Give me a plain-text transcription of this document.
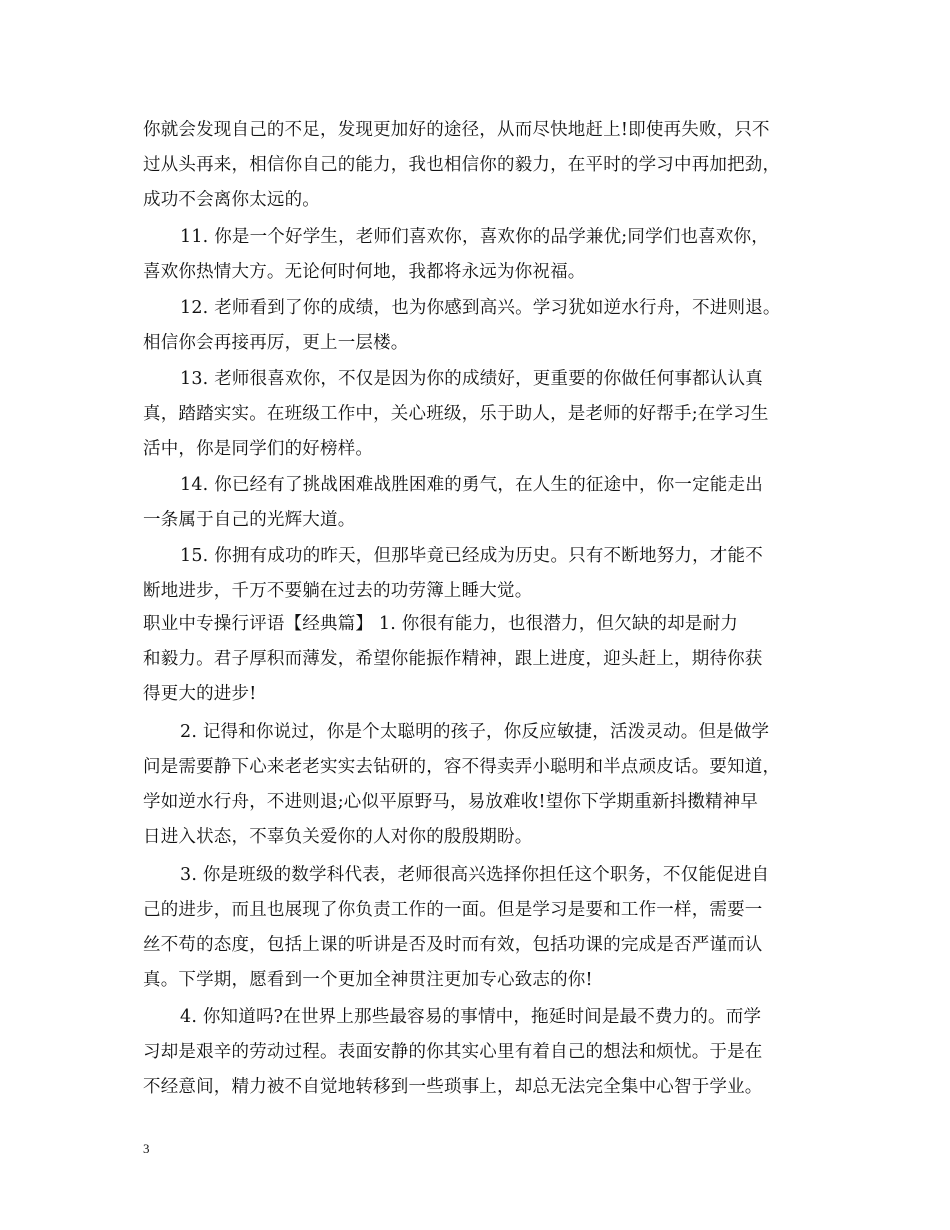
你就会发现自己的不足，发现更加好的途径，从而尽快地赶上!即使再失败，只不
过从头再来，相信你自己的能力，我也相信你的毅力，在平时的学习中再加把劲，
成功不会离你太远的。
11. 你是一个好学生，老师们喜欢你，喜欢你的品学兼优;同学们也喜欢你，
喜欢你热情大方。无论何时何地，我都将永远为你祝福。
12. 老师看到了你的成绩，也为你感到高兴。学习犹如逆水行舟，不进则退。
相信你会再接再厉，更上一层楼。
13. 老师很喜欢你，不仅是因为你的成绩好，更重要的你做任何事都认认真
真，踏踏实实。在班级工作中，关心班级，乐于助人，是老师的好帮手;在学习生
活中，你是同学们的好榜样。
14. 你已经有了挑战困难战胜困难的勇气，在人生的征途中，你一定能走出
一条属于自己的光辉大道。
15. 你拥有成功的昨天，但那毕竟已经成为历史。只有不断地努力，才能不
断地进步，千万不要躺在过去的功劳簿上睡大觉。
职业中专操行评语【经典篇】 1. 你很有能力，也很潜力，但欠缺的却是耐力
和毅力。君子厚积而薄发，希望你能振作精神，跟上进度，迎头赶上，期待你获
得更大的进步!
2. 记得和你说过，你是个太聪明的孩子，你反应敏捷，活泼灵动。但是做学
问是需要静下心来老老实实去钻研的，容不得卖弄小聪明和半点顽皮话。要知道，
学如逆水行舟，不进则退;心似平原野马，易放难收!望你下学期重新抖擞精神早
日进入状态，不辜负关爱你的人对你的殷殷期盼。
3. 你是班级的数学科代表，老师很高兴选择你担任这个职务，不仅能促进自
己的进步，而且也展现了你负责工作的一面。但是学习是要和工作一样，需要一
丝不苟的态度，包括上课的听讲是否及时而有效，包括功课的完成是否严谨而认
真。下学期，愿看到一个更加全神贯注更加专心致志的你!
4. 你知道吗?在世界上那些最容易的事情中，拖延时间是最不费力的。而学
习却是艰辛的劳动过程。表面安静的你其实心里有着自己的想法和烦忧。于是在
不经意间，精力被不自觉地转移到一些琐事上，却总无法完全集中心智于学业。
3
